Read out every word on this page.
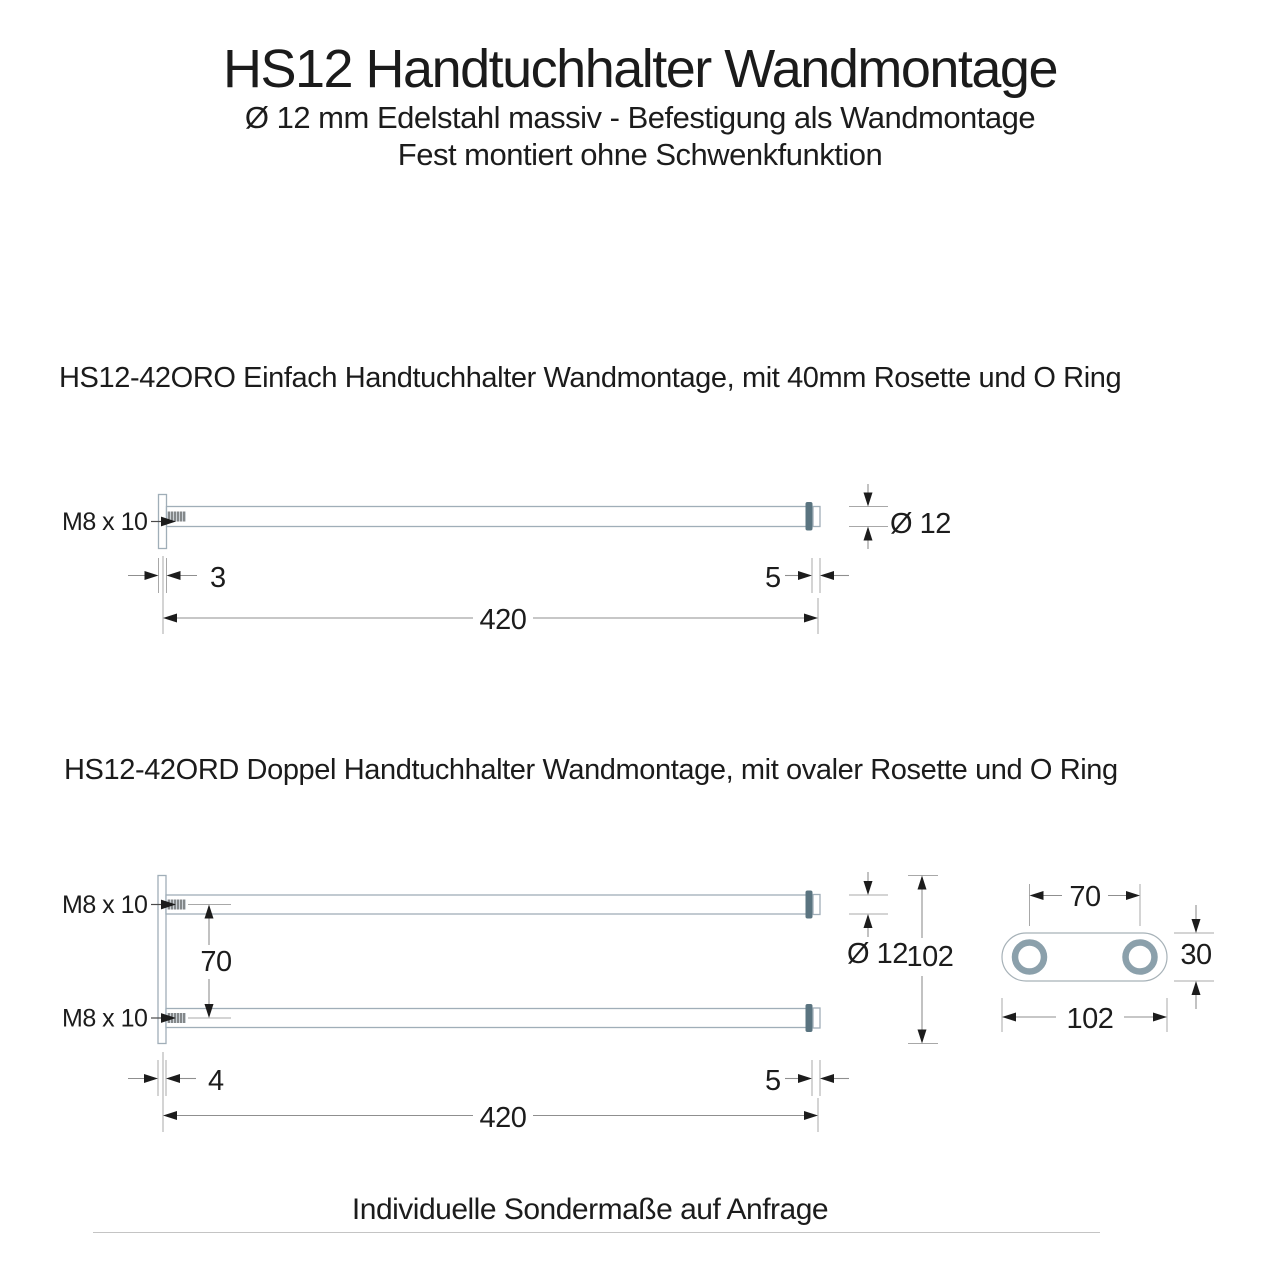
HS12 Handtuchhalter Wandmontage
Ø 12 mm Edelstahl massiv - Befestigung als Wandmontage
Fest montiert ohne Schwenkfunktion
HS12-42ORO Einfach Handtuchhalter Wandmontage, mit 40mm Rosette und O Ring
M8 x 10	Ø 12
3	5
420
HS12-42ORD Doppel Handtuchhalter Wandmontage, mit ovaler Rosette und O Ring
M8 x 10
M8 x 10
70	Ø 12
102
4	5
420
70
30
102
Individuelle Sondermaße auf Anfrage
